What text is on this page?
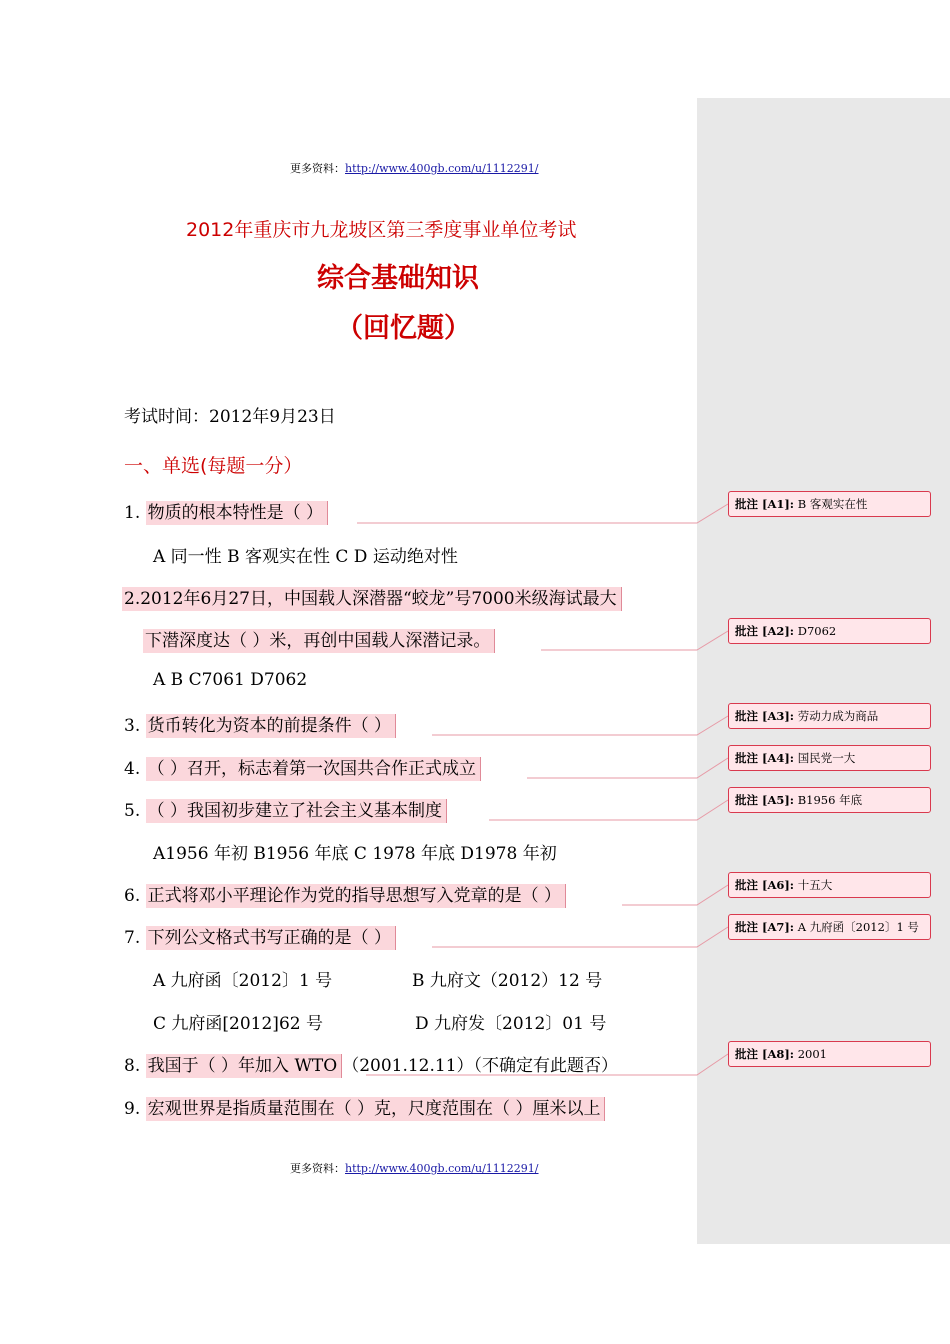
更多资料：http://www.400gb.com/u/1112291/
2012年重庆市九龙坡区第三季度事业单位考试
综合基础知识
（回忆题）
考试时间：2012年9月23日
一、单选(每题一分）
1. 物质的根本特性是（ ）
A 同一性 B 客观实在性 C D 运动绝对性
2.2012年6月27日，中国载人深潜器“蛟龙”号7000米级海试最大
下潜深度达（ ）米，再创中国载人深潜记录。
A B C7061 D7062
3. 货币转化为资本的前提条件（ ）
4. （ ）召开，标志着第一次国共合作正式成立
5. （ ）我国初步建立了社会主义基本制度
A1956 年初 B1956 年底 C 1978 年底 D1978 年初
6. 正式将邓小平理论作为党的指导思想写入党章的是（ ）
7. 下列公文格式书写正确的是（ ）
A 九府函〔2012〕1 号	B 九府文（2012）12 号
C 九府函[2012]62 号	D 九府发〔2012〕01 号
8. 我国于（ ）年加入 WTO （2001.12.11）（不确定有此题否）
9. 宏观世界是指质量范围在（ ）克，尺度范围在（ ）厘米以上
更多资料：http://www.400gb.com/u/1112291/
批注 [A1]: B 客观实在性
批注 [A2]: D7062
批注 [A3]: 劳动力成为商品
批注 [A4]: 国民党一大
批注 [A5]: B1956 年底
批注 [A6]: 十五大
批注 [A7]: A 九府函〔2012〕1 号
批注 [A8]: 2001
